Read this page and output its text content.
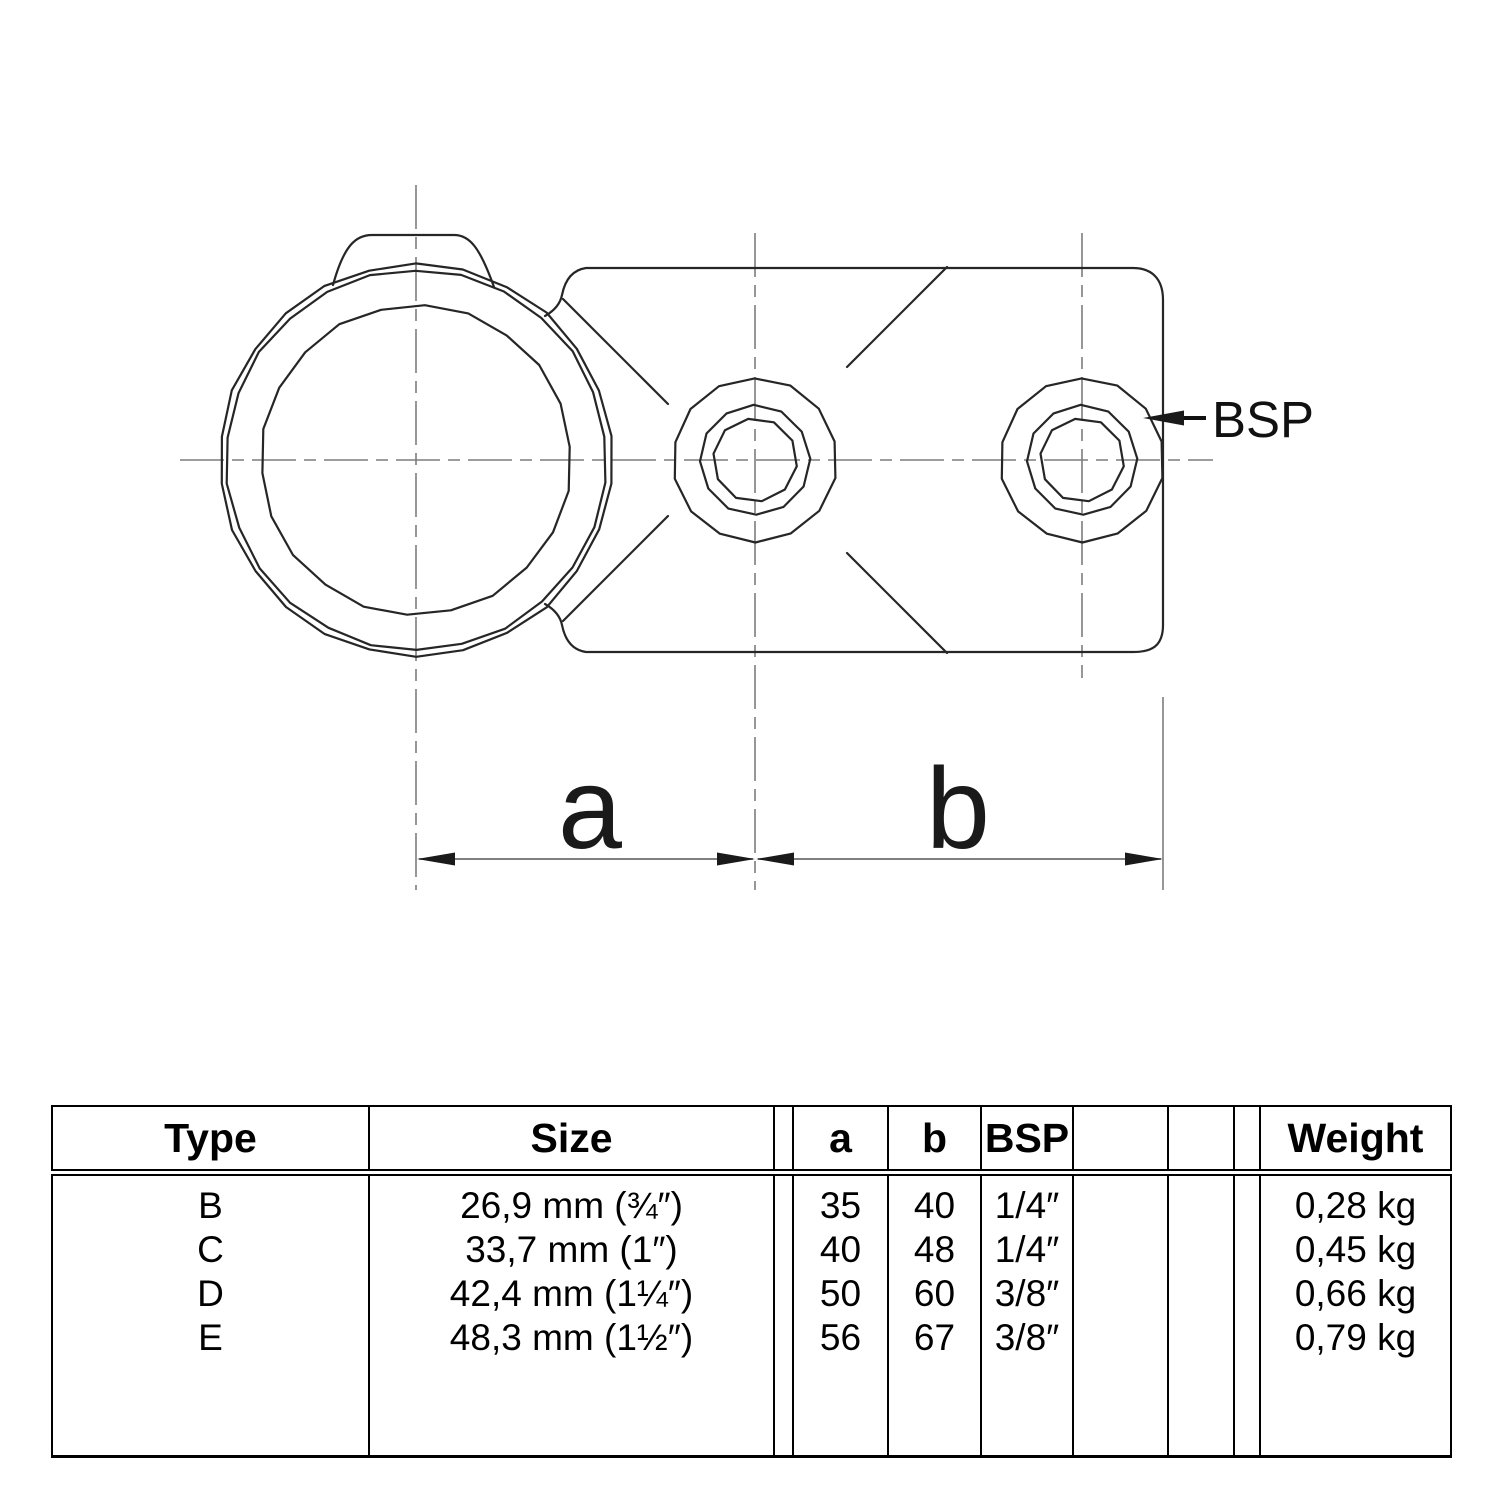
a	b
BSP
Type	Size		a	b	BSP				Weight

B	26,9 mm (¾″)		35	40	1/4″				0,28 kg
C	33,7 mm (1″)		40	48	1/4″				0,45 kg
D	42,4 mm (1¼″)		50	60	3/8″				0,66 kg
E	48,3 mm (1½″)		56	67	3/8″				0,79 kg
